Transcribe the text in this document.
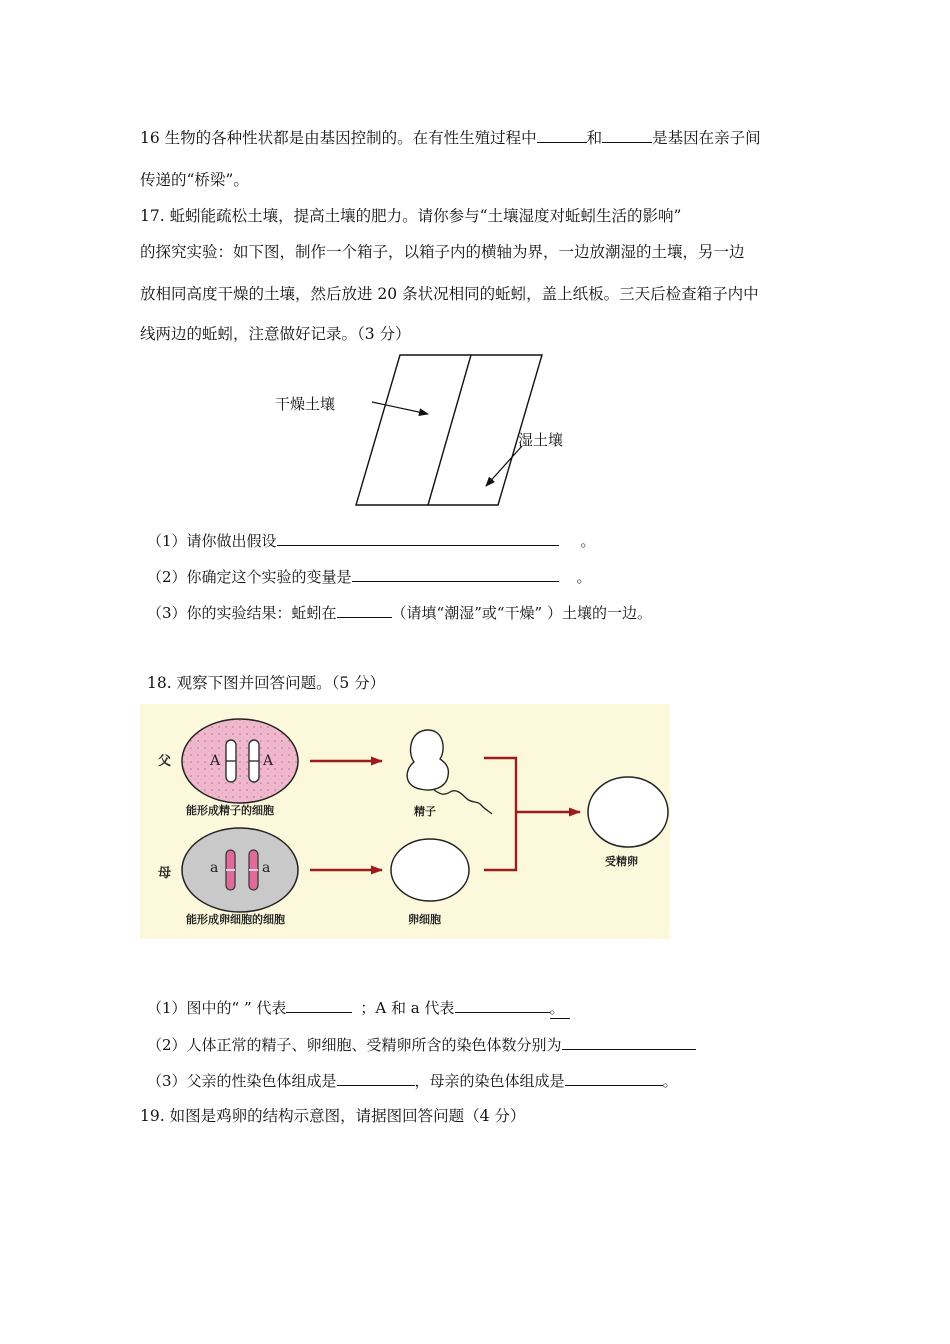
16 生物的各种性状都是由基因控制的。在有性生殖过程中	和	是基因在亲子间
传递的“桥梁”。
17. 蚯蚓能疏松土壤，提高土壤的肥力。请你参与“土壤湿度对蚯蚓生活的影响”
的探究实验：如下图，制作一个箱子，以箱子内的横轴为界，一边放潮湿的土壤，另一边
放相同高度干燥的土壤，然后放进 20 条状况相同的蚯蚓，盖上纸板。三天后检查箱子内中
线两边的蚯蚓，注意做好记录。（3 分）
干燥土壤
湿土壤
（1）请你做出假设	。
（2）你确定这个实验的变量是	。
（3）你的实验结果：蚯蚓在	（请填“潮湿”或“干燥” ）土壤的一边。
18. 观察下图并回答问题。（5 分）
父
母
A	A
a	a
能形成精子的细胞
能形成卵细胞的细胞
精子
卵细胞
受精卵
（1）图中的“ ” 代表	；A 和 a 代表	。
（2）人体正常的精子、卵细胞、受精卵所含的染色体数分别为
（3）父亲的性染色体组成是	，母亲的染色体组成是	。
19. 如图是鸡卵的结构示意图，请据图回答问题（4 分）
